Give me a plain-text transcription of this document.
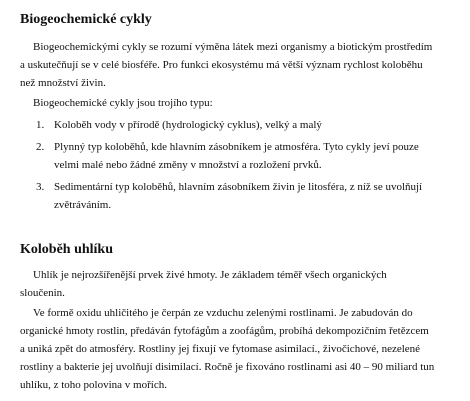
Biogeochemické cykly

Biogeochemickými cykly se rozumí výměna látek mezi organismy a biotickým prostředím
a uskutečňují se v celé biosféře. Pro funkci ekosystému má větší význam rychlost koloběhu
než množství živin.

Biogeochemické cykly jsou trojího typu:

1. Koloběh vody v přírodě (hydrologický cyklus), velký a malý
2. Plynný typ koloběhů, kde hlavním zásobníkem je atmosféra. Tyto cykly jeví pouze
velmi malé nebo žádné změny v množství a rozložení prvků.
3. Sedimentární typ koloběhů, hlavním zásobníkem živin je litosféra, z níž se uvolňují
zvětráváním.
Koloběh uhlíku

Uhlík je nejrozšířenější prvek živé hmoty. Je základem téměř všech organických
sloučenin.

Ve formě oxidu uhličitého je čerpán ze vzduchu zelenými rostlinami. Je zabudován do
organické hmoty rostlin, předáván fytofágům a zoofágům, probíhá dekompozičním řetězcem
a uniká zpět do atmosféry. Rostliny jej fixují ve fytomase asimilací., živočichové, nezelené
rostliny a bakterie jej uvolňují disimilací. Ročně je fixováno rostlinami asi 40 – 90 miliard tun
uhlíku, z toho polovina v mořích.
